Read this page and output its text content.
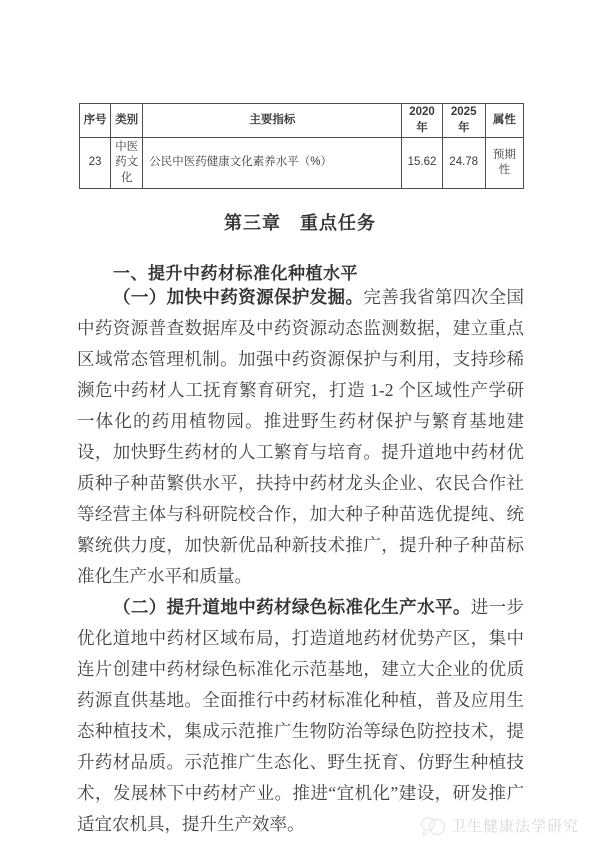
序号	类别	主要指标	2020 年	2025 年	属性
23	中医药文化	公民中医药健康文化素养水平（%）	15.62	24.78	预期性
第三章　重点任务
一、提升中药材标准化种植水平

（一）加快中药资源保护发掘。完善我省第四次全国中药资源普查数据库及中药资源动态监测数据，建立重点区域常态管理机制。加强中药资源保护与利用，支持珍稀濒危中药材人工抚育繁育研究，打造 1-2 个区域性产学研一体化的药用植物园。推进野生药材保护与繁育基地建设，加快野生药材的人工繁育与培育。提升道地中药材优质种子种苗繁供水平，扶持中药材龙头企业、农民合作社等经营主体与科研院校合作，加大种子种苗选优提纯、统繁统供力度，加快新优品种新技术推广，提升种子种苗标准化生产水平和质量。

（二）提升道地中药材绿色标准化生产水平。进一步优化道地中药材区域布局，打造道地药材优势产区，集中连片创建中药材绿色标准化示范基地，建立大企业的优质药源直供基地。全面推行中药材标准化种植，普及应用生态种植技术，集成示范推广生物防治等绿色防控技术，提升药材品质。示范推广生态化、野生抚育、仿野生种植技术，发展林下中药材产业。推进“宜机化”建设，研发推广适宜农机具，提升生产效率。	卫生健康法学研究
